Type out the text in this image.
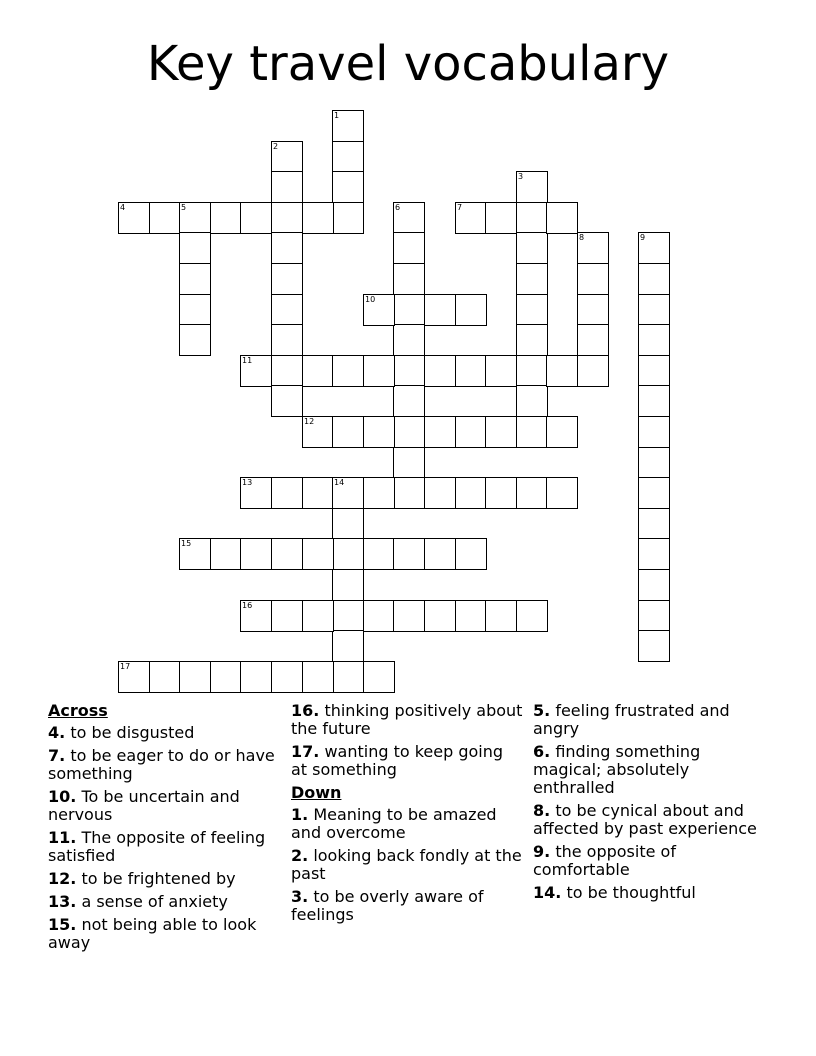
Key travel vocabulary
1
2
3
4	5	6	7
8	9
10
11
12
13	14
15
16
17
Across
4. to be disgusted
7. to be eager to do or have something
10. To be uncertain and nervous
11. The opposite of feeling satisfied
12. to be frightened by
13. a sense of anxiety
15. not being able to look away
16. thinking positively about the future
17. wanting to keep going at something
Down
1. Meaning to be amazed and overcome
2. looking back fondly at the past
3. to be overly aware of feelings
5. feeling frustrated and angry
6. finding something magical; absolutely enthralled
8. to be cynical about and affected by past experience
9. the opposite of comfortable
14. to be thoughtful
